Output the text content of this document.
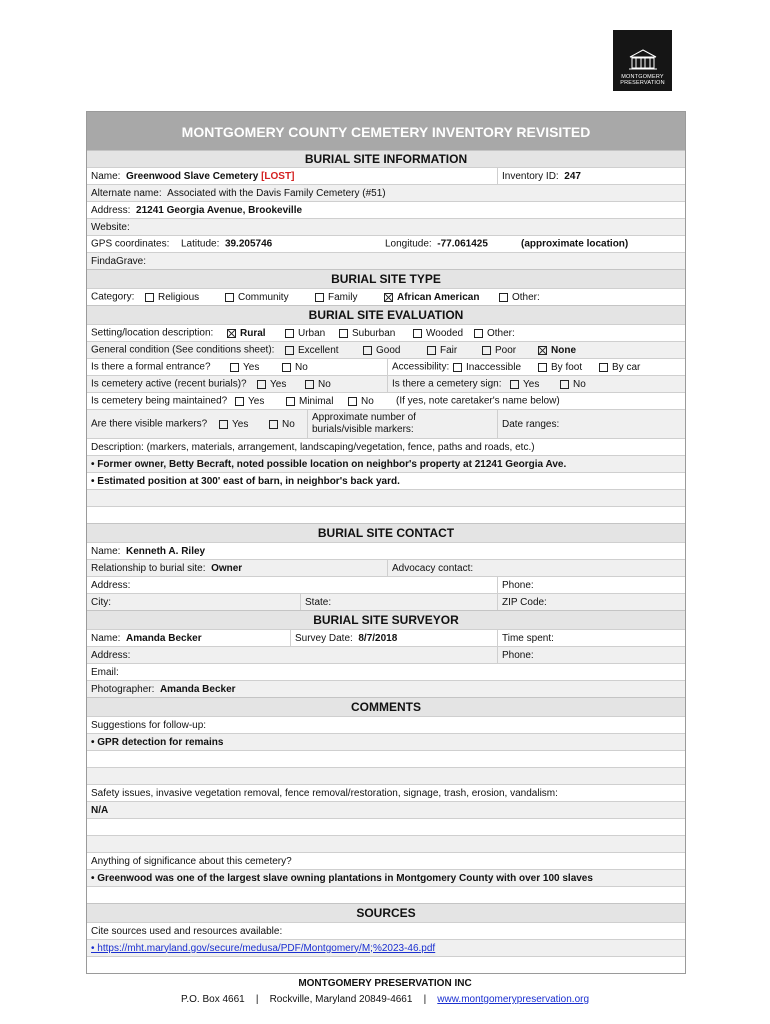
MONTGOMERY
PRESERVATION
MONTGOMERY COUNTY CEMETERY INVENTORY REVISITED
BURIAL SITE INFORMATION
Name:
Greenwood Slave Cemetery
[LOST]	Inventory ID:
247
Alternate name:
Associated with the Davis Family Cemetery (#51)
Address:
21241 Georgia Avenue, Brookeville
Website:
GPS coordinates: Latitude: 39.205746	Longitude: -77.061425	(approximate location)
FindaGrave:
BURIAL SITE TYPE
Category: Religious	Community	Family	African American	Other:
BURIAL SITE EVALUATION
Setting/location description:	Rural	Urban	Suburban	Wooded Other:
General condition (See conditions sheet): Excellent	Good	Fair	Poor	None
Is there a formal entrance?	Yes	No	Accessibility: Inaccessible	By foot	By car
Is cemetery active (recent burials)? Yes	No	Is there a cemetery sign: Yes	No
Is cemetery being maintained? Yes	Minimal	No (If yes, note caretaker's name below)
Are there visible markers? Yes	No
Approximate number of
burials/visible markers:	Date ranges:
Description: (markers, materials, arrangement, landscaping/vegetation, fence, paths and roads, etc.)
• Former owner, Betty Becraft, noted possible location on neighbor's property at 21241 Georgia Ave.
• Estimated position at 300' east of barn, in neighbor's back yard.
BURIAL SITE CONTACT
Name:
Kenneth A. Riley
Relationship to burial site:
Owner	Advocacy contact:
Address:	Phone:
City:	State:	ZIP Code:
BURIAL SITE SURVEYOR
Name:
Amanda Becker	Survey Date:
8/7/2018	Time spent:
Address:	Phone:
Email:
Photographer:
Amanda Becker
COMMENTS
Suggestions for follow-up:
• GPR detection for remains
Safety issues, invasive vegetation removal, fence removal/restoration, signage, trash, erosion, vandalism:
N/A
Anything of significance about this cemetery?
• Greenwood was one of the largest slave owning plantations in Montgomery County with over 100 slaves
SOURCES
Cite sources used and resources available:
• https://mht.maryland.gov/secure/medusa/PDF/Montgomery/M;%2023-46.pdf
MONTGOMERY PRESERVATION INC
P.O. Box 4661 | Rockville, Maryland 20849-4661 | www.montgomerypreservation.org
